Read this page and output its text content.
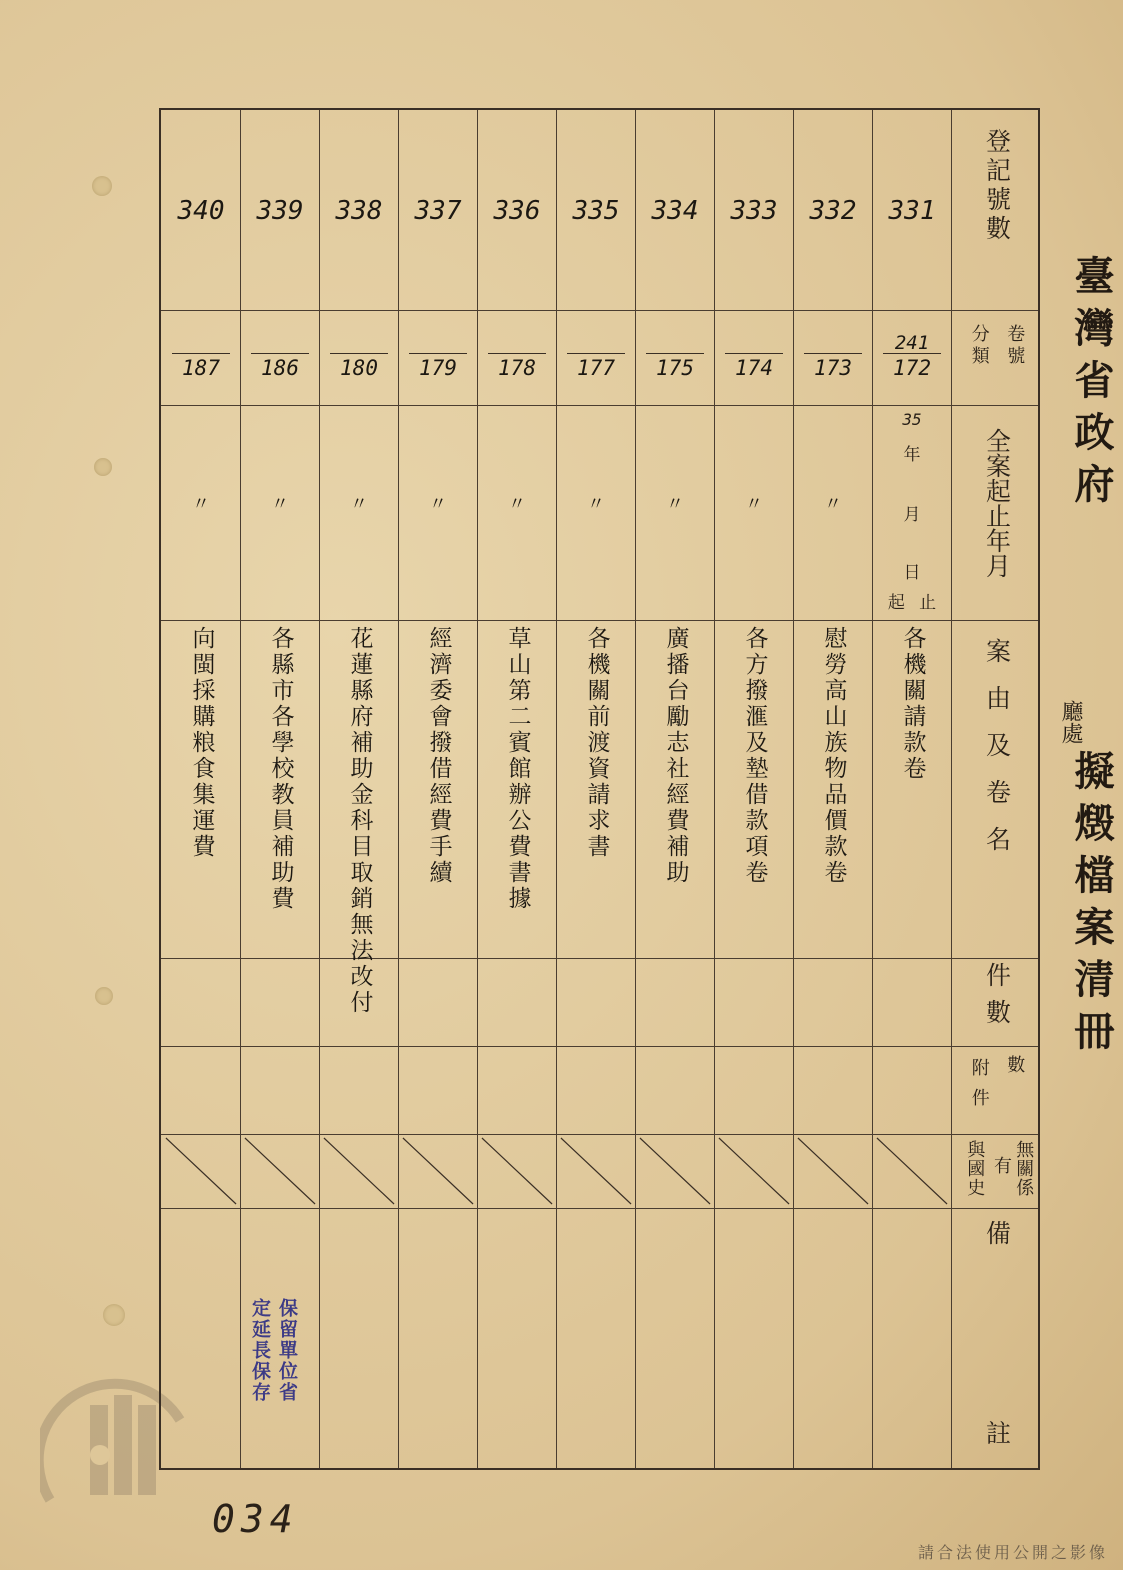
331
241
172
35
年
月
日
起 止
各機關請款卷
332
173
〃
慰勞高山族物品價款卷
333
174
〃
各方撥滙及墊借款項卷
334
175
〃
廣播台勵志社經費補助
335
177
〃
各機關前渡資請求書
336
178
〃
草山第二賓館辦公費書據
337
179
〃
經濟委會撥借經費手續
338
180
〃
花蓮縣府補助金科目取銷無法改付
339
186
〃
各縣市各學校教員補助費
340
187
〃
向閩採購粮食集運費
登記號數
卷號
分類
全案起止年月
案由及卷名
件數
數
附件
無關係
有
與國史
備
註
臺灣省政府
廳處
擬燬檔案清冊
定延長保存 保留單位省
034
請合法使用公開之影像
